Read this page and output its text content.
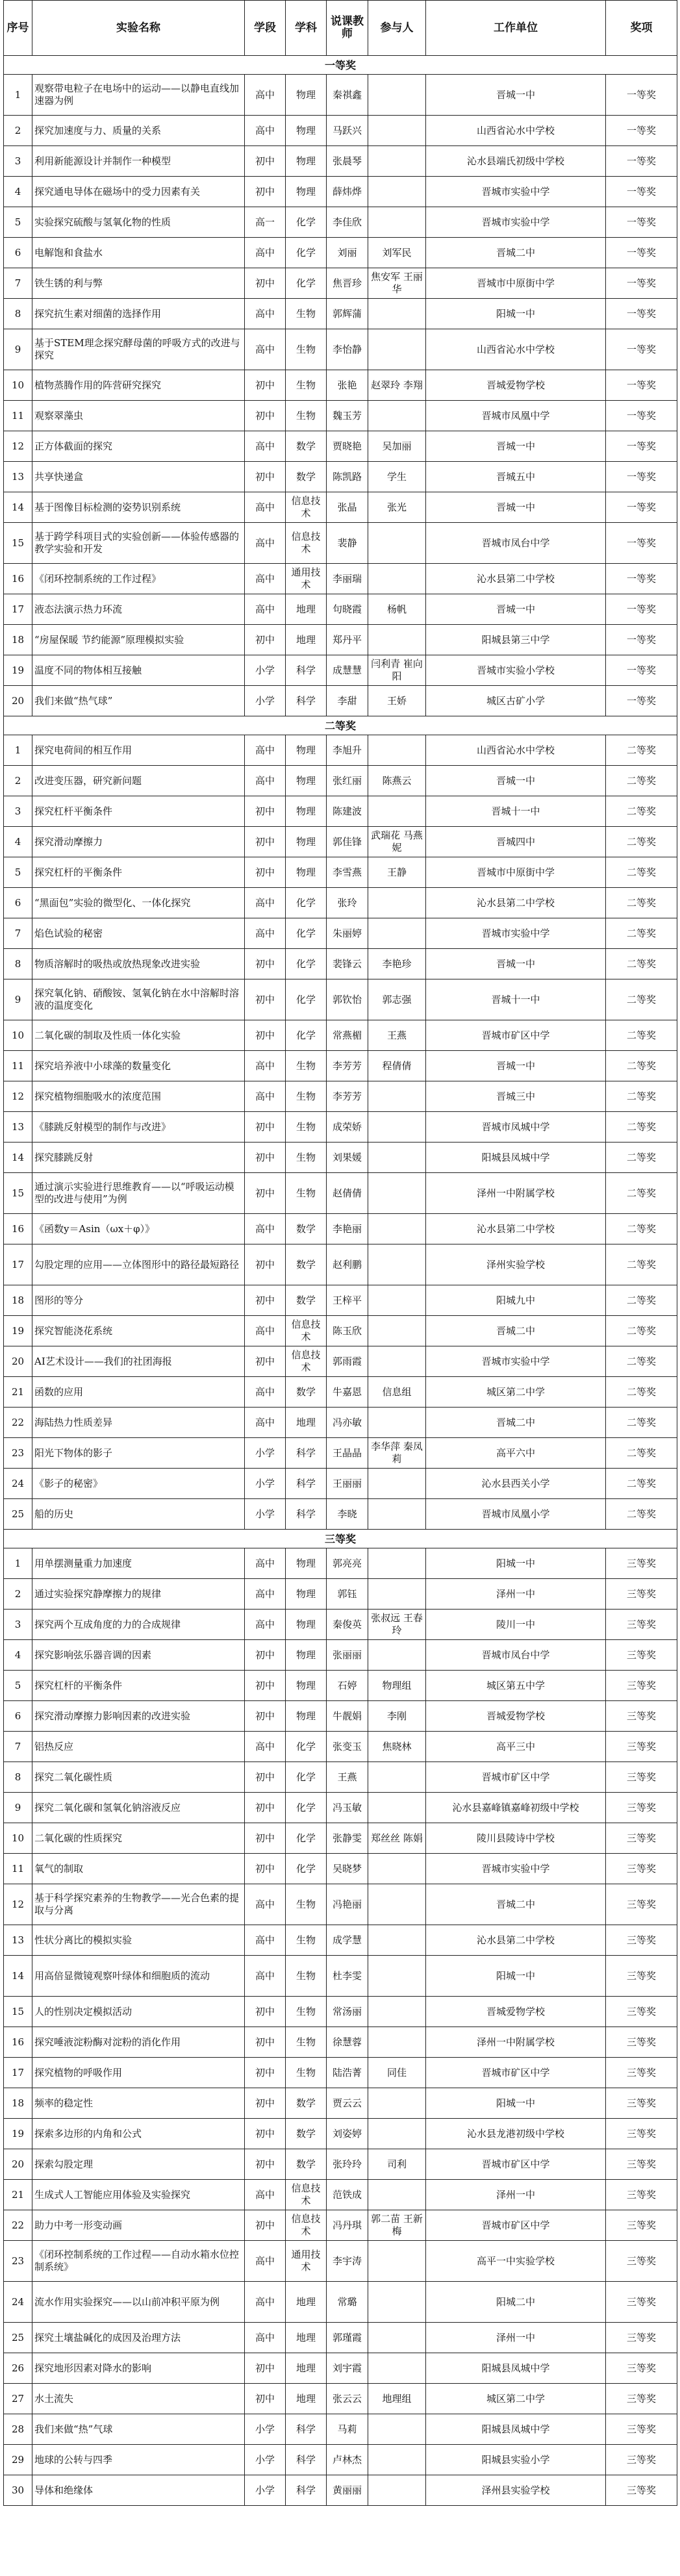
序号	实验名称	学段	学科	说课教师	参与人	工作单位	奖项
一等奖							
1	观察带电粒子在电场中的运动——以静电直线加速器为例	高中	物理	秦祺鑫		晋城一中	一等奖
2	探究加速度与力、质量的关系	高中	物理	马跃兴		山西省沁水中学校	一等奖
3	利用新能源设计并制作一种模型	初中	物理	张晨琴		沁水县端氏初级中学校	一等奖
4	探究通电导体在磁场中的受力因素有关	初中	物理	薛炜烨		晋城市实验中学	一等奖
5	实验探究硫酸与氢氧化物的性质	高一	化学	李佳欣		晋城市实验中学	一等奖
6	电解饱和食盐水	高中	化学	刘丽	刘军民	晋城二中	一等奖
7	铁生锈的利与弊	初中	化学	焦晋珍	焦安军 王丽华	晋城市中原街中学	一等奖
8	探究抗生素对细菌的选择作用	高中	生物	郭辉蒲		阳城一中	一等奖
9	基于STEM理念探究酵母菌的呼吸方式的改进与探究	高中	生物	李怡静		山西省沁水中学校	一等奖
10	植物蒸腾作用的阵营研究探究	初中	生物	张艳	赵翠玲 李翔	晋城爱物学校	一等奖
11	观察翠藻虫	初中	生物	魏玉芳		晋城市凤凰中学	一等奖
12	正方体截面的探究	高中	数学	贾晓艳	吴加丽	晋城一中	一等奖
13	共享快递盒	初中	数学	陈凯路	学生	晋城五中	一等奖
14	基于图像目标检测的姿势识别系统	高中	信息技术	张晶	张光	晋城一中	一等奖
15	基于跨学科项目式的实验创新——体验传感器的教学实验和开发	高中	信息技术	裴静		晋城市凤台中学	一等奖
16	《闭环控制系统的工作过程》	高中	通用技术	李丽瑞		沁水县第二中学校	一等奖
17	液态法演示热力环流	高中	地理	句晓霞	杨帆	晋城一中	一等奖
18	“房屋保暖 节约能源”原理模拟实验	初中	地理	郑丹平		阳城县第三中学	一等奖
19	温度不同的物体相互接触	小学	科学	成慧慧	闫利青 崔向阳	晋城市实验小学校	一等奖
20	我们来做“热气球”	小学	科学	李甜	王娇	城区古矿小学	一等奖
二等奖							
1	探究电荷间的相互作用	高中	物理	李旭升		山西省沁水中学校	二等奖
2	改进变压器，研究新问题	高中	物理	张红丽	陈燕云	晋城一中	二等奖
3	探究杠杆平衡条件	初中	物理	陈建波		晋城十一中	二等奖
4	探究滑动摩擦力	初中	物理	郭佳锋	武瑞花 马燕妮	晋城四中	二等奖
5	探究杠杆的平衡条件	初中	物理	李雪燕	王静	晋城市中原街中学	二等奖
6	“黑面包”实验的微型化、一体化探究	高中	化学	张玲		沁水县第二中学校	二等奖
7	焰色试验的秘密	高中	化学	朱丽婷		晋城市实验中学	二等奖
8	物质溶解时的吸热或放热现象改进实验	初中	化学	裴锋云	李艳珍	晋城一中	二等奖
9	探究氧化钠、硝酸铵、氢氧化钠在水中溶解时溶液的温度变化	初中	化学	郭钦怡	郭志强	晋城十一中	二等奖
10	二氧化碳的制取及性质一体化实验	初中	化学	常燕楣	王燕	晋城市矿区中学	二等奖
11	探究培养液中小球藻的数量变化	高中	生物	李芳芳	程倩倩	晋城一中	二等奖
12	探究植物细胞吸水的浓度范围	高中	生物	李芳芳		晋城三中	二等奖
13	《膝跳反射模型的制作与改进》	初中	生物	成荣娇		晋城市凤城中学	二等奖
14	探究膝跳反射	初中	生物	刘果媛		阳城县凤城中学	二等奖
15	通过演示实验进行思维教育——以“呼吸运动模型的改进与使用”为例	初中	生物	赵倩倩		泽州一中附属学校	二等奖
16	《函数y＝Asin（ωx＋φ）》	高中	数学	李艳丽		沁水县第二中学校	二等奖
17	勾股定理的应用——立体图形中的路径最短路径	初中	数学	赵利鹏		泽州实验学校	二等奖
18	图形的等分	初中	数学	王梓平		阳城九中	二等奖
19	探究智能浇花系统	高中	信息技术	陈玉欣		晋城二中	二等奖
20	AI艺术设计——我们的社团海报	初中	信息技术	郭雨霞		晋城市实验中学	二等奖
21	函数的应用	高中	数学	牛嘉恩	信息组	城区第二中学	二等奖
22	海陆热力性质差异	高中	地理	冯亦敏		晋城二中	二等奖
23	阳光下物体的影子	小学	科学	王晶晶	李华萍 秦凤莉	高平六中	二等奖
24	《影子的秘密》	小学	科学	王丽丽		沁水县西关小学	二等奖
25	船的历史	小学	科学	李晓		晋城市凤凰小学	二等奖
三等奖							
1	用单摆测量重力加速度	高中	物理	郭亮亮		阳城一中	三等奖
2	通过实验探究静摩擦力的规律	高中	物理	郭钰		泽州一中	三等奖
3	探究两个互成角度的力的合成规律	高中	物理	秦俊英	张叔远 王春玲	陵川一中	三等奖
4	探究影响弦乐器音调的因素	初中	物理	张丽丽		晋城市凤台中学	三等奖
5	探究杠杆的平衡条件	初中	物理	石婷	物理组	城区第五中学	三等奖
6	探究滑动摩擦力影响因素的改进实验	初中	物理	牛靓娟	李刚	晋城爱物学校	三等奖
7	铝热反应	高中	化学	张变玉	焦晓林	高平三中	三等奖
8	探究二氧化碳性质	初中	化学	王燕		晋城市矿区中学	三等奖
9	探究二氧化碳和氢氧化钠溶液反应	初中	化学	冯玉敏		沁水县嘉峰镇嘉峰初级中学校	三等奖
10	二氧化碳的性质探究	初中	化学	张静雯	郑丝丝 陈娟	陵川县陵诗中学校	三等奖
11	氧气的制取	初中	化学	吴晓梦		晋城市实验中学	三等奖
12	基于科学探究素养的生物教学——光合色素的提取与分离	高中	生物	冯艳丽		晋城二中	三等奖
13	性状分离比的模拟实验	高中	生物	成学慧		沁水县第二中学校	三等奖
14	用高倍显微镜观察叶绿体和细胞质的流动	高中	生物	杜李雯		阳城一中	三等奖
15	人的性别决定模拟活动	初中	生物	常汤丽		晋城爱物学校	三等奖
16	探究唾液淀粉酶对淀粉的消化作用	初中	生物	徐慧蓉		泽州一中附属学校	三等奖
17	探究植物的呼吸作用	初中	生物	陆浩菁	同佳	晋城市矿区中学	三等奖
18	频率的稳定性	初中	数学	贾云云		阳城一中	三等奖
19	探索多边形的内角和公式	初中	数学	刘姿婷		沁水县龙港初级中学校	三等奖
20	探索勾股定理	初中	数学	张玲玲	司利	晋城市矿区中学	三等奖
21	生成式人工智能应用体验及实验探究	高中	信息技术	范铁成		泽州一中	三等奖
22	助力中考一形变动画	初中	信息技术	冯丹琪	郭二苗 王新梅	晋城市矿区中学	三等奖
23	《闭环控制系统的工作过程——自动水箱水位控制系统》	高中	通用技术	李宇涛		高平一中实验学校	三等奖
24	流水作用实验探究——以山前冲积平原为例	高中	地理	常璐		阳城二中	三等奖
25	探究土壤盐碱化的成因及治理方法	高中	地理	郭瑾霞		泽州一中	三等奖
26	探究地形因素对降水的影响	初中	地理	刘宇霞		阳城县凤城中学	三等奖
27	水土流失	初中	地理	张云云	地理组	城区第二中学	三等奖
28	我们来做“热”气球	小学	科学	马莉		阳城县凤城中学	三等奖
29	地球的公转与四季	小学	科学	卢林杰		阳城县实验小学	三等奖
30	导体和绝缘体	小学	科学	黄丽丽		泽州县实验学校	三等奖
